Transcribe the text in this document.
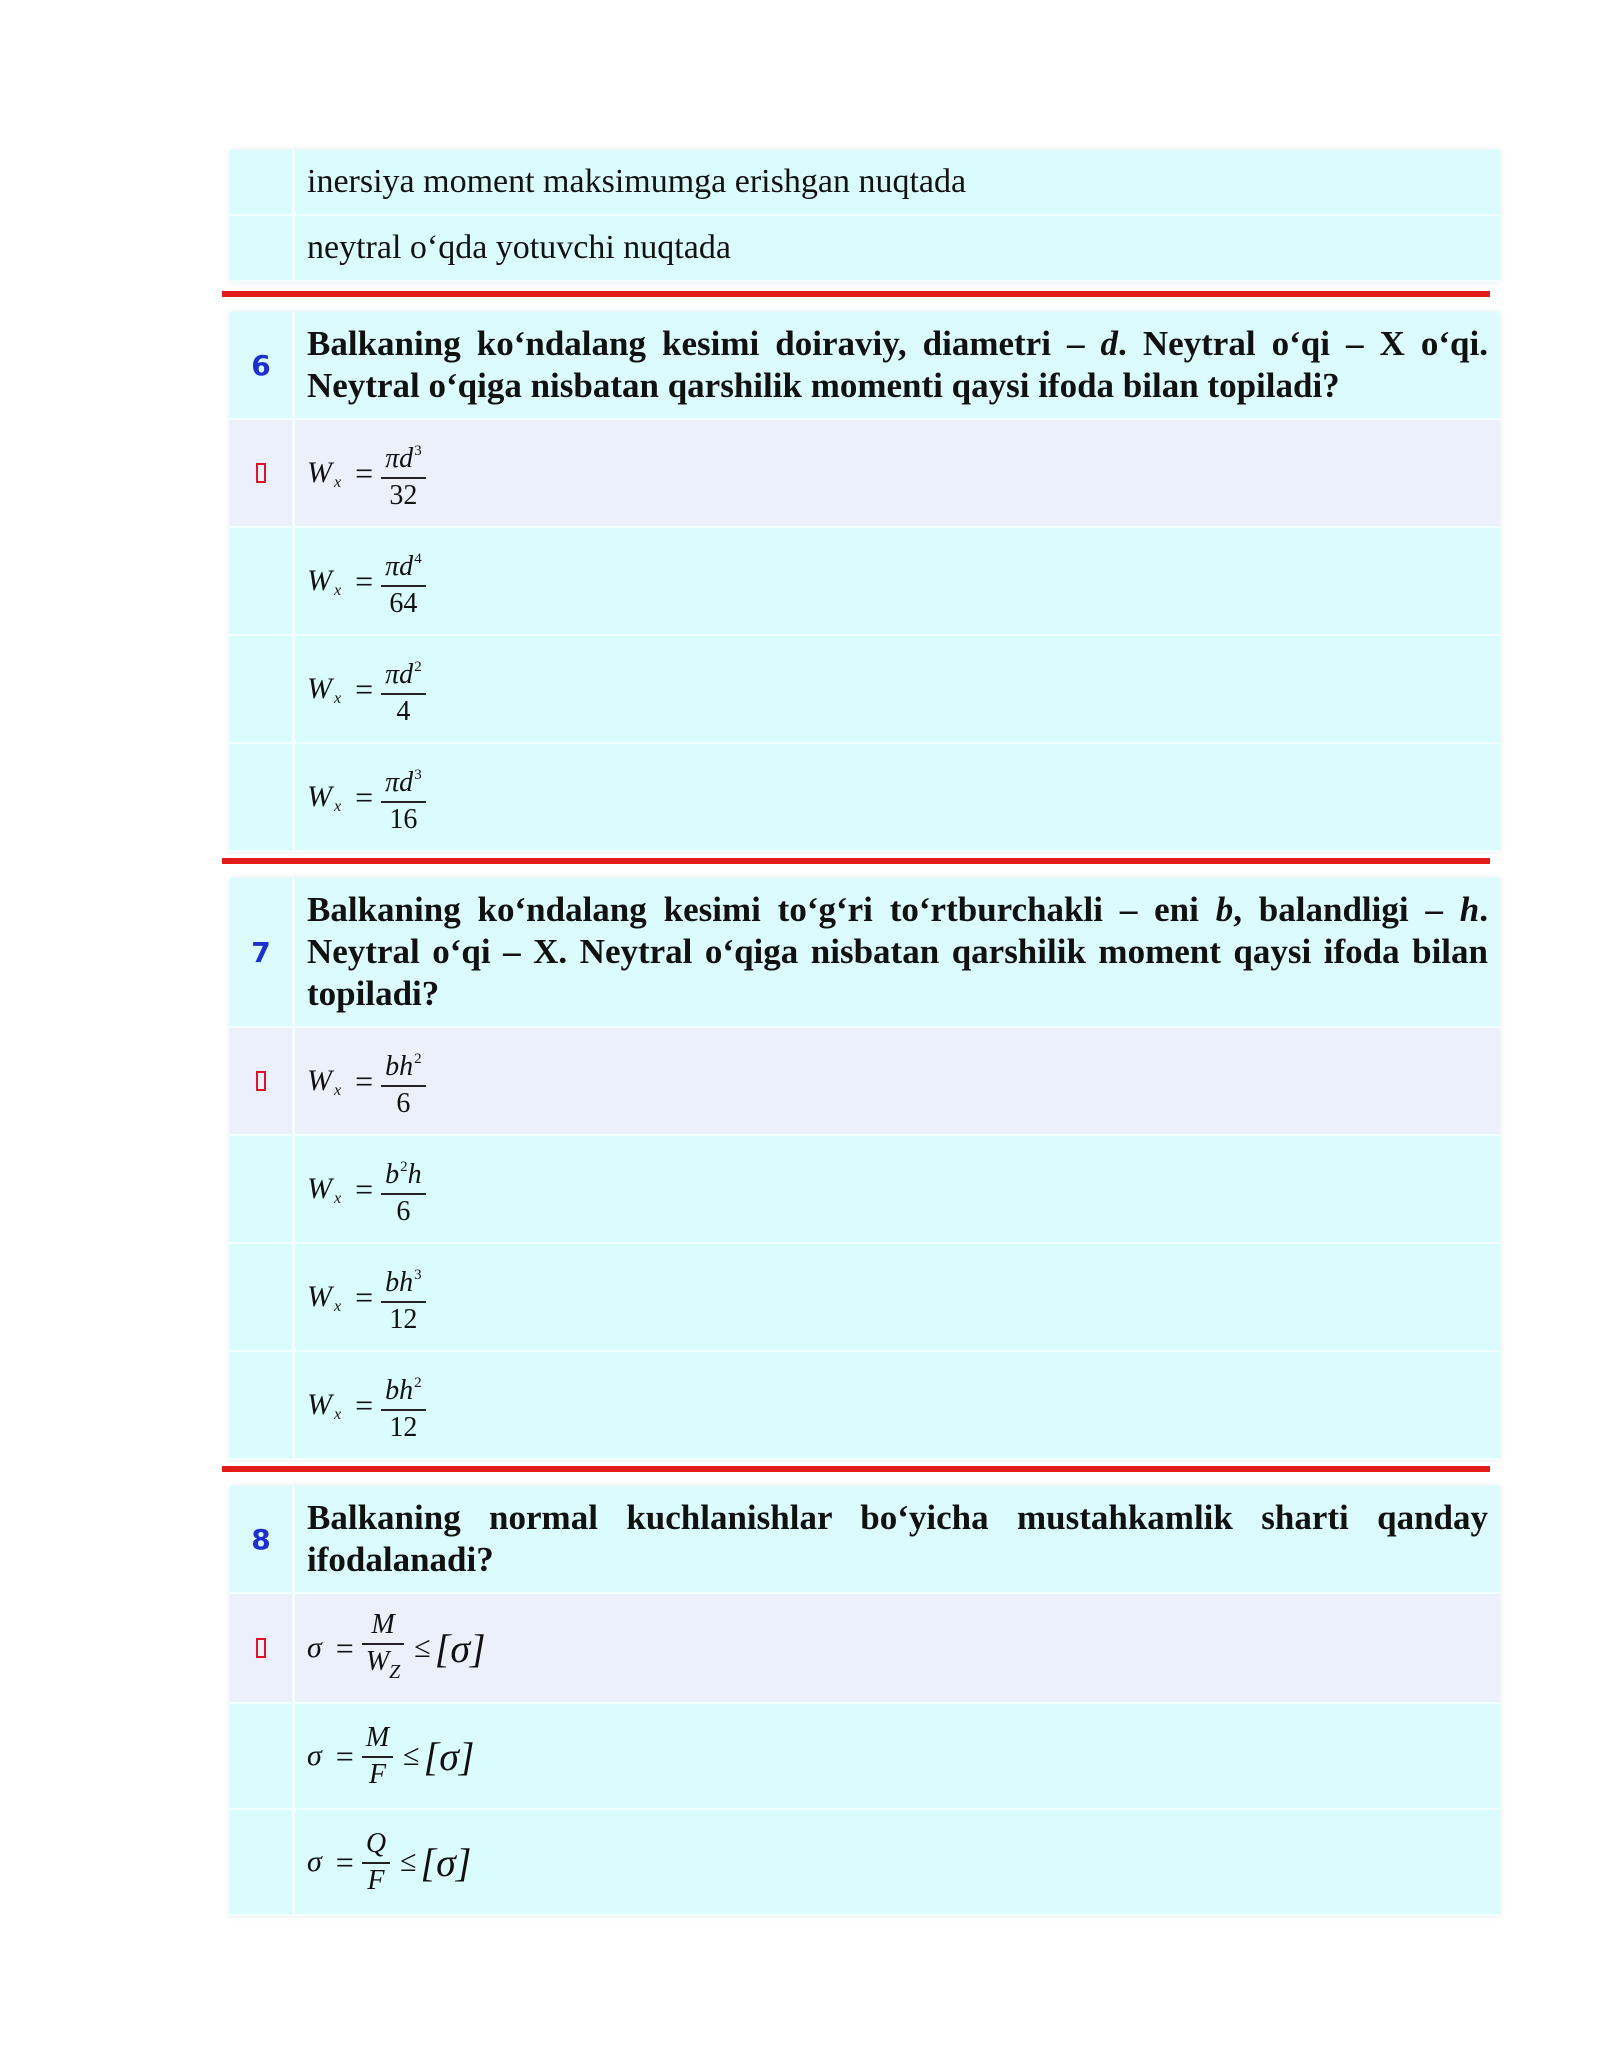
inersiya moment maksimumga erishgan nuqtada
neytral o‘qda yotuvchi nuqtada
6
Balkaning ko‘ndalang kesimi doiraviy, diametri – d. Neytral o‘qi – X o‘qi. Neytral o‘qiga nisbatan qarshilik momenti qaysi ifoda bilan topiladi?
W $x = \frac{\pi d^3}{32}$
W $x = \frac{\pi d^4}{64}$
W $x = \frac{\pi d^2}{4}$
W $x = \frac{\pi d^3}{16}$
7
Balkaning ko‘ndalang kesimi to‘g‘ri to‘rtburchakli – eni b, balandligi – h. Neytral o‘qi – X. Neytral o‘qiga nisbatan qarshilik moment qaysi ifoda bilan topiladi?
W $x = \frac{bh^2}{6}$
W $x = \frac{b^2h}{6}$
W $x = \frac{bh^3}{12}$
W $x = \frac{bh^2}{12}$
8
Balkaning normal kuchlanishlar bo‘yicha mustahkamlik sharti qanday ifodalanadi?
$\sigma = \frac{M}{W_Z} \le [\sigma]$
$\sigma = \frac{M}{F} \le [\sigma]$
$\sigma = \frac{Q}{F} \le [\sigma]$
